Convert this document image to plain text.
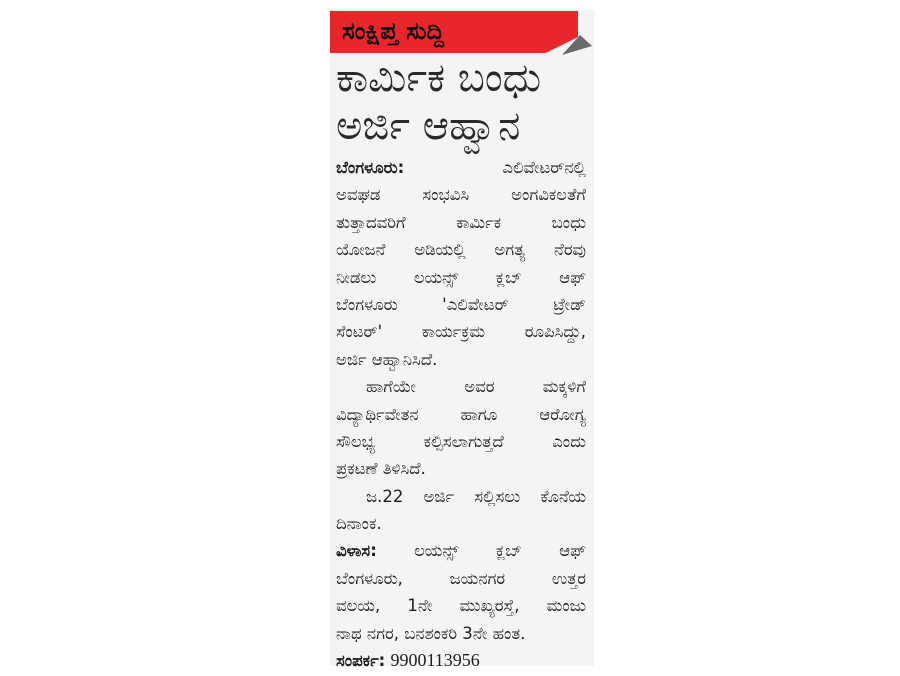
ಸಂಕ್ಷಿಪ್ತ ಸುದ್ದಿ
ಕಾರ್ಮಿಕ ಬಂಧು
ಅರ್ಜಿ ಆಹ್ವಾನ
ಬೆಂಗಳೂರು:	ಎಲಿವೇಟರ್‌ನಲ್ಲಿ
ಅವಘಡ ಸಂಭವಿಸಿ ಅಂಗವಿಕಲತೆಗೆ
ತುತ್ತಾದವರಿಗೆ ಕಾರ್ಮಿಕ ಬಂಧು
ಯೋಜನೆ ಅಡಿಯಲ್ಲಿ ಅಗತ್ಯ ನೆರವು
ನೀಡಲು ಲಯನ್ಸ್ ಕ್ಲಬ್ ಆಫ್
ಬೆಂಗಳೂರು 'ಎಲಿವೇಟರ್ ಟ್ರೇಡ್
ಸೆಂಟರ್' ಕಾರ್ಯಕ್ರಮ ರೂಪಿಸಿದ್ದು,
ಅರ್ಜಿ ಆಹ್ವಾನಿಸಿದೆ.
ಹಾಗೆಯೇ ಅವರ ಮಕ್ಕಳಿಗೆ
ವಿದ್ಯಾರ್ಥಿವೇತನ ಹಾಗೂ ಆರೋಗ್ಯ
ಸೌಲಭ್ಯ ಕಲ್ಪಿಸಲಾಗುತ್ತದೆ ಎಂದು
ಪ್ರಕಟಣೆ ತಿಳಿಸಿದೆ.
ಜ.22 ಅರ್ಜಿ ಸಲ್ಲಿಸಲು ಕೊನೆಯ
ದಿನಾಂಕ.
ವಿಳಾಸ: ಲಯನ್ಸ್ ಕ್ಲಬ್ ಆಫ್
ಬೆಂಗಳೂರು, ಜಯನಗರ ಉತ್ತರ
ವಲಯ, 1ನೇ ಮುಖ್ಯರಸ್ತೆ, ಮಂಜು
ನಾಥ ನಗರ, ಬನಶಂಕರಿ 3ನೇ ಹಂತ.
ಸಂಪರ್ಕ: 9900113956
